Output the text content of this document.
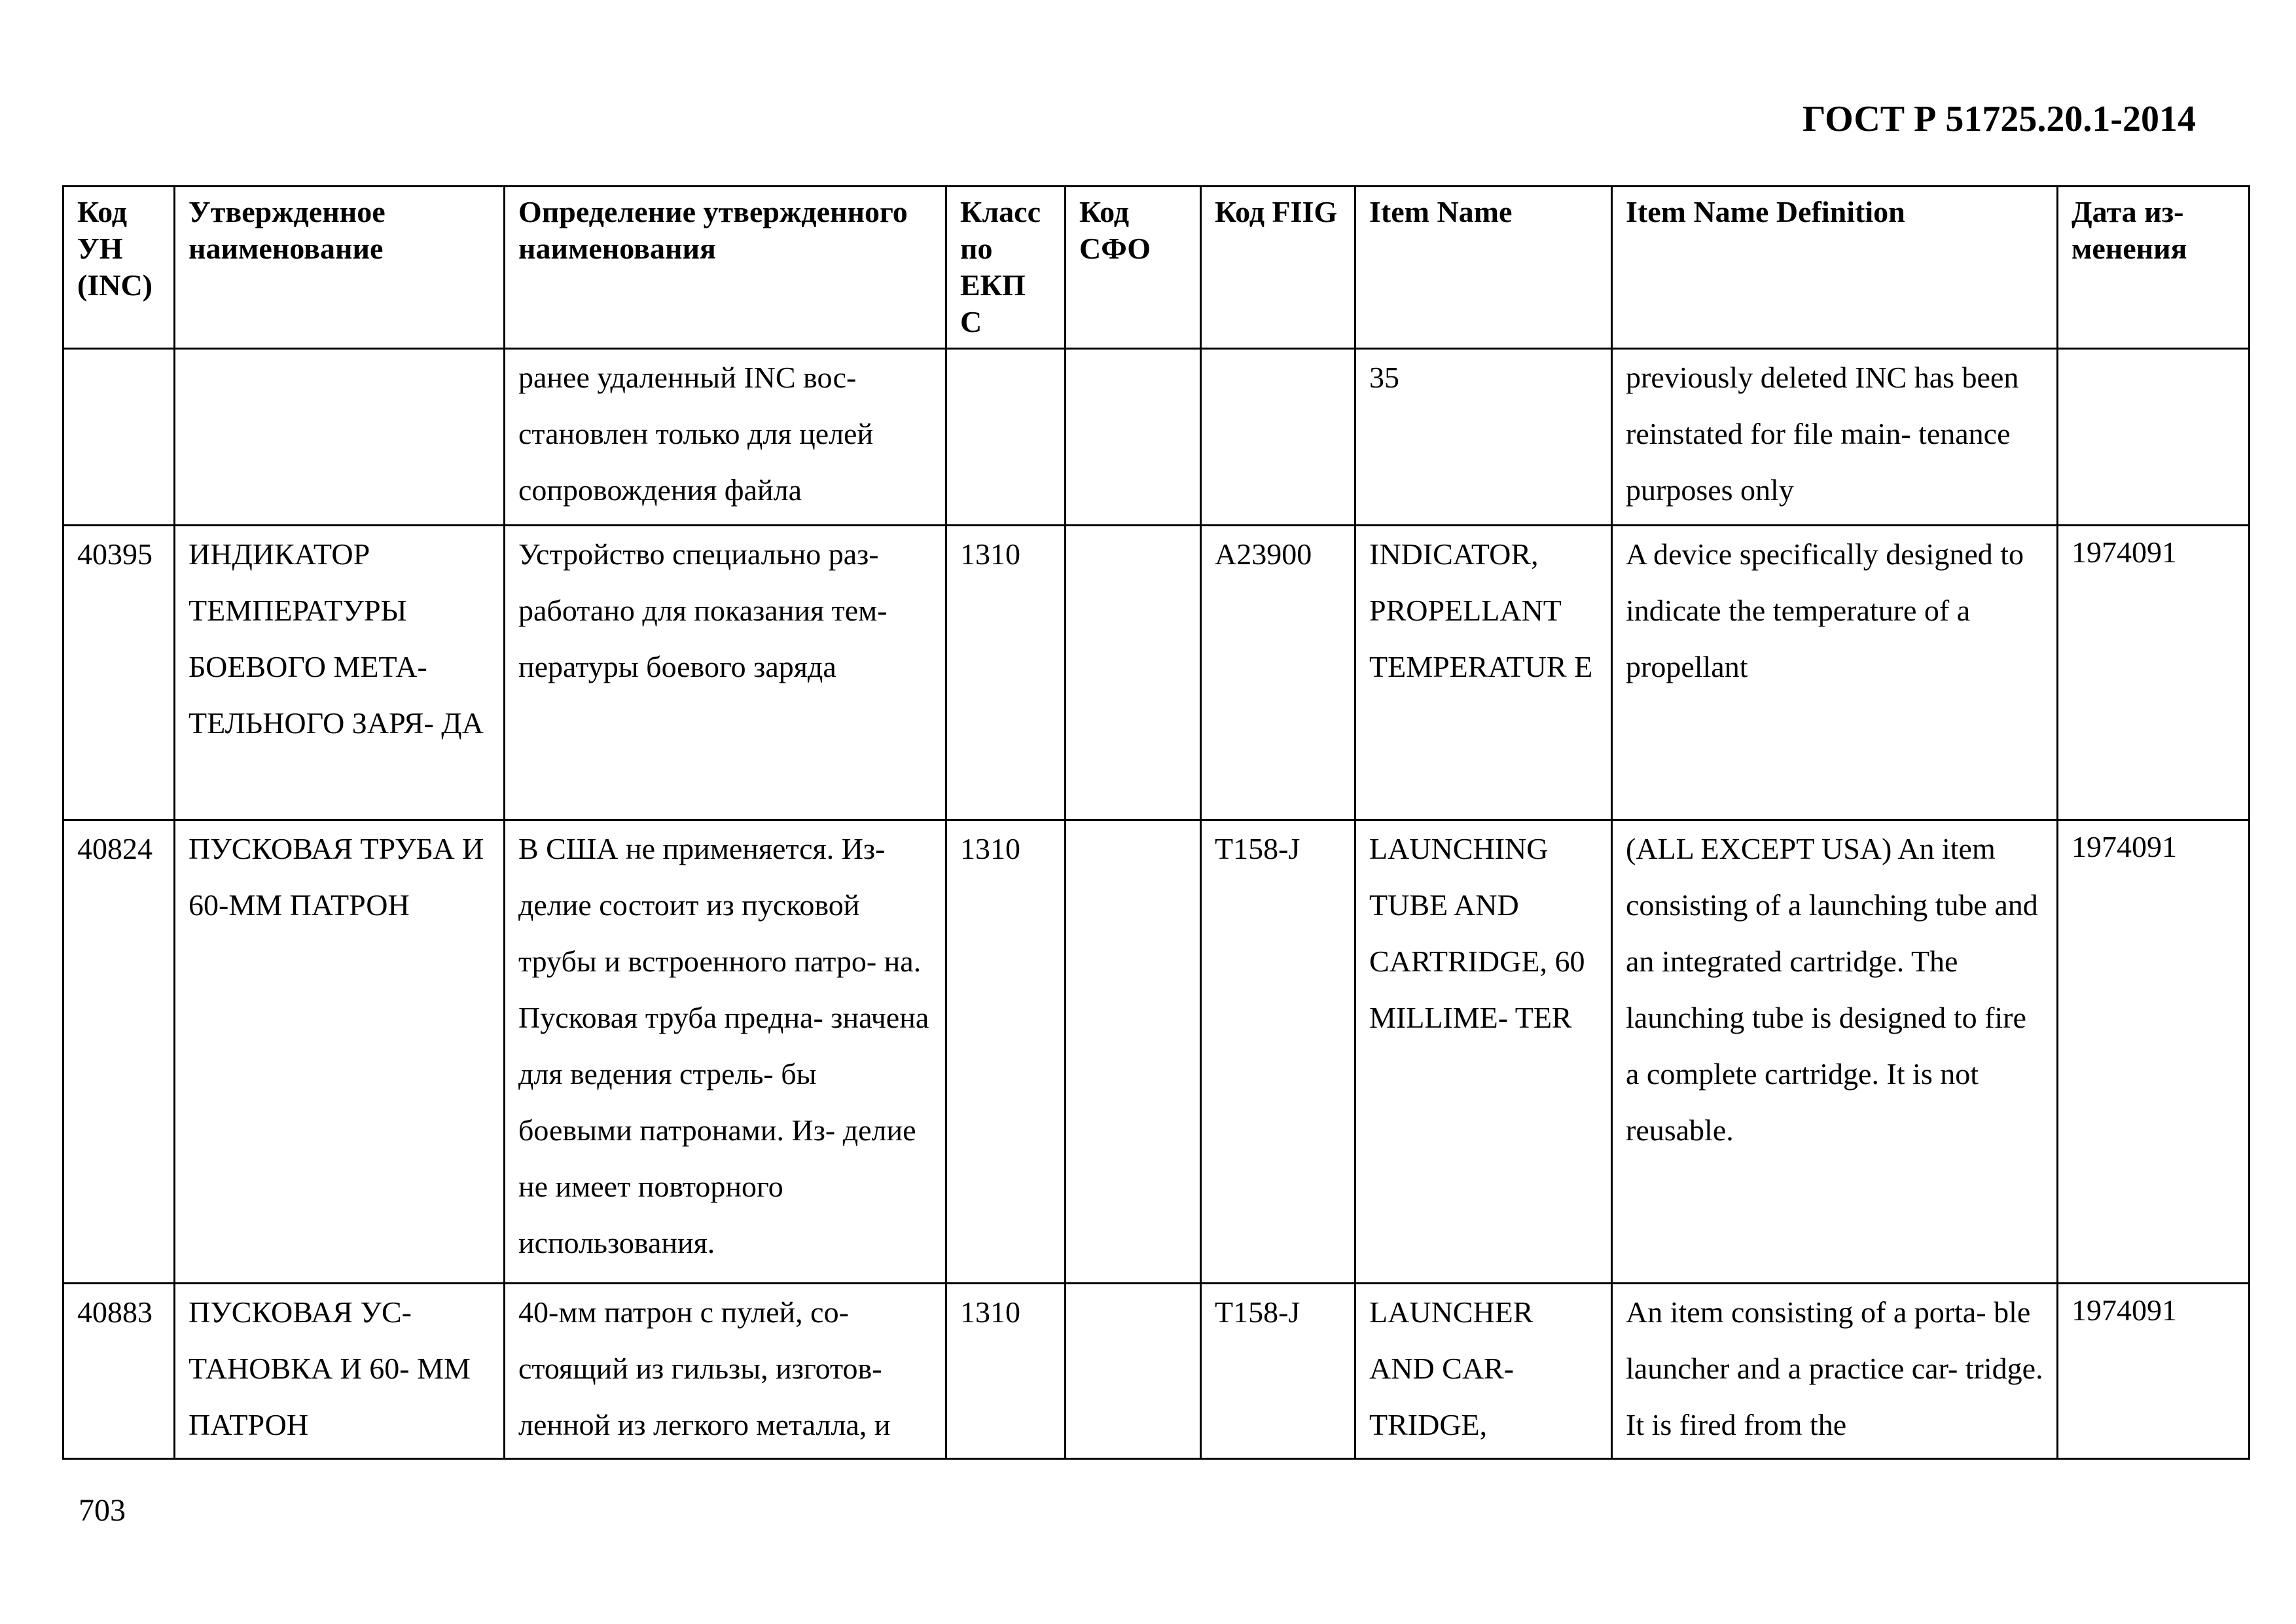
ГОСТ Р 51725.20.1-2014
Код УН (INC)	Утвержденное наименование	Определение утвержденного наименования	Класс по ЕКП С	Код СФО	Код FIIG	Item Name	Item Name Definition	Дата из- менения
		ранее удаленный INC вос- становлен только для целей сопровождения файла				35	previously deleted INC has been reinstated for file main- tenance purposes only	
40395	ИНДИКАТОР ТЕМПЕРАТУРЫ БОЕВОГО МЕТА- ТЕЛЬНОГО ЗАРЯ- ДА	Устройство специально раз- работано для показания тем- пературы боевого заряда	1310		A23900	INDICATOR, PROPELLANT TEMPERATUR E	A device specifically designed to indicate the temperature of a propellant	1974091
40824	ПУСКОВАЯ ТРУБА И 60-ММ ПАТРОН	В США не применяется. Из- делие состоит из пусковой трубы и встроенного патро- на. Пусковая труба предна- значена для ведения стрель- бы боевыми патронами. Из- делие не имеет повторного использования.	1310		T158-J	LAUNCHING TUBE AND CARTRIDGE, 60 MILLIME- TER	(ALL EXCEPT USA) An item consisting of a launching tube and an integrated cartridge. The launching tube is designed to fire a complete cartridge. It is not reusable.	1974091
40883	ПУСКОВАЯ УС- ТАНОВКА И 60- ММ ПАТРОН	40-мм патрон с пулей, со- стоящий из гильзы, изготов- ленной из легкого металла, и	1310		T158-J	LAUNCHER AND CAR- TRIDGE,	An item consisting of a porta- ble launcher and a practice car- tridge. It is fired from the	1974091

703
